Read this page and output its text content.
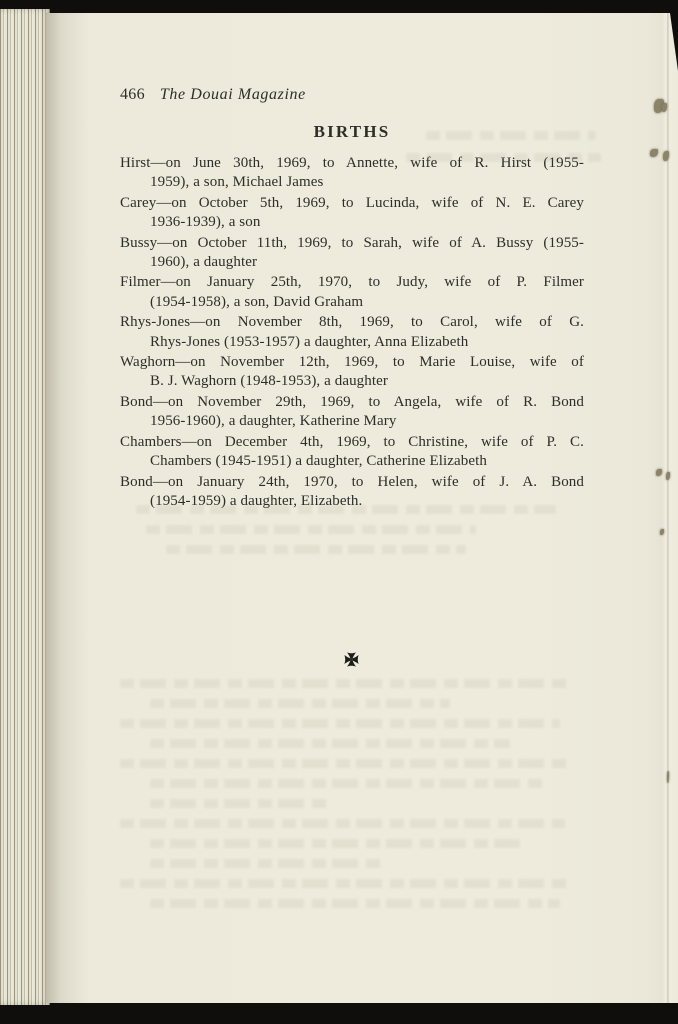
466 The Douai Magazine
BIRTHS
Hirst—on June 30th, 1969, to Annette, wife of R. Hirst (1955-
1959), a son, Michael James
Carey—on October 5th, 1969, to Lucinda, wife of N. E. Carey
1936-1939), a son
Bussy—on October 11th, 1969, to Sarah, wife of A. Bussy (1955-
1960), a daughter
Filmer—on January 25th, 1970, to Judy, wife of P. Filmer
(1954-1958), a son, David Graham
Rhys-Jones—on November 8th, 1969, to Carol, wife of G.
Rhys-Jones (1953-1957) a daughter, Anna Elizabeth
Waghorn—on November 12th, 1969, to Marie Louise, wife of
B. J. Waghorn (1948-1953), a daughter
Bond—on November 29th, 1969, to Angela, wife of R. Bond
1956-1960), a daughter, Katherine Mary
Chambers—on December 4th, 1969, to Christine, wife of P. C.
Chambers (1945-1951) a daughter, Catherine Elizabeth
Bond—on January 24th, 1970, to Helen, wife of J. A. Bond
(1954-1959) a daughter, Elizabeth.
